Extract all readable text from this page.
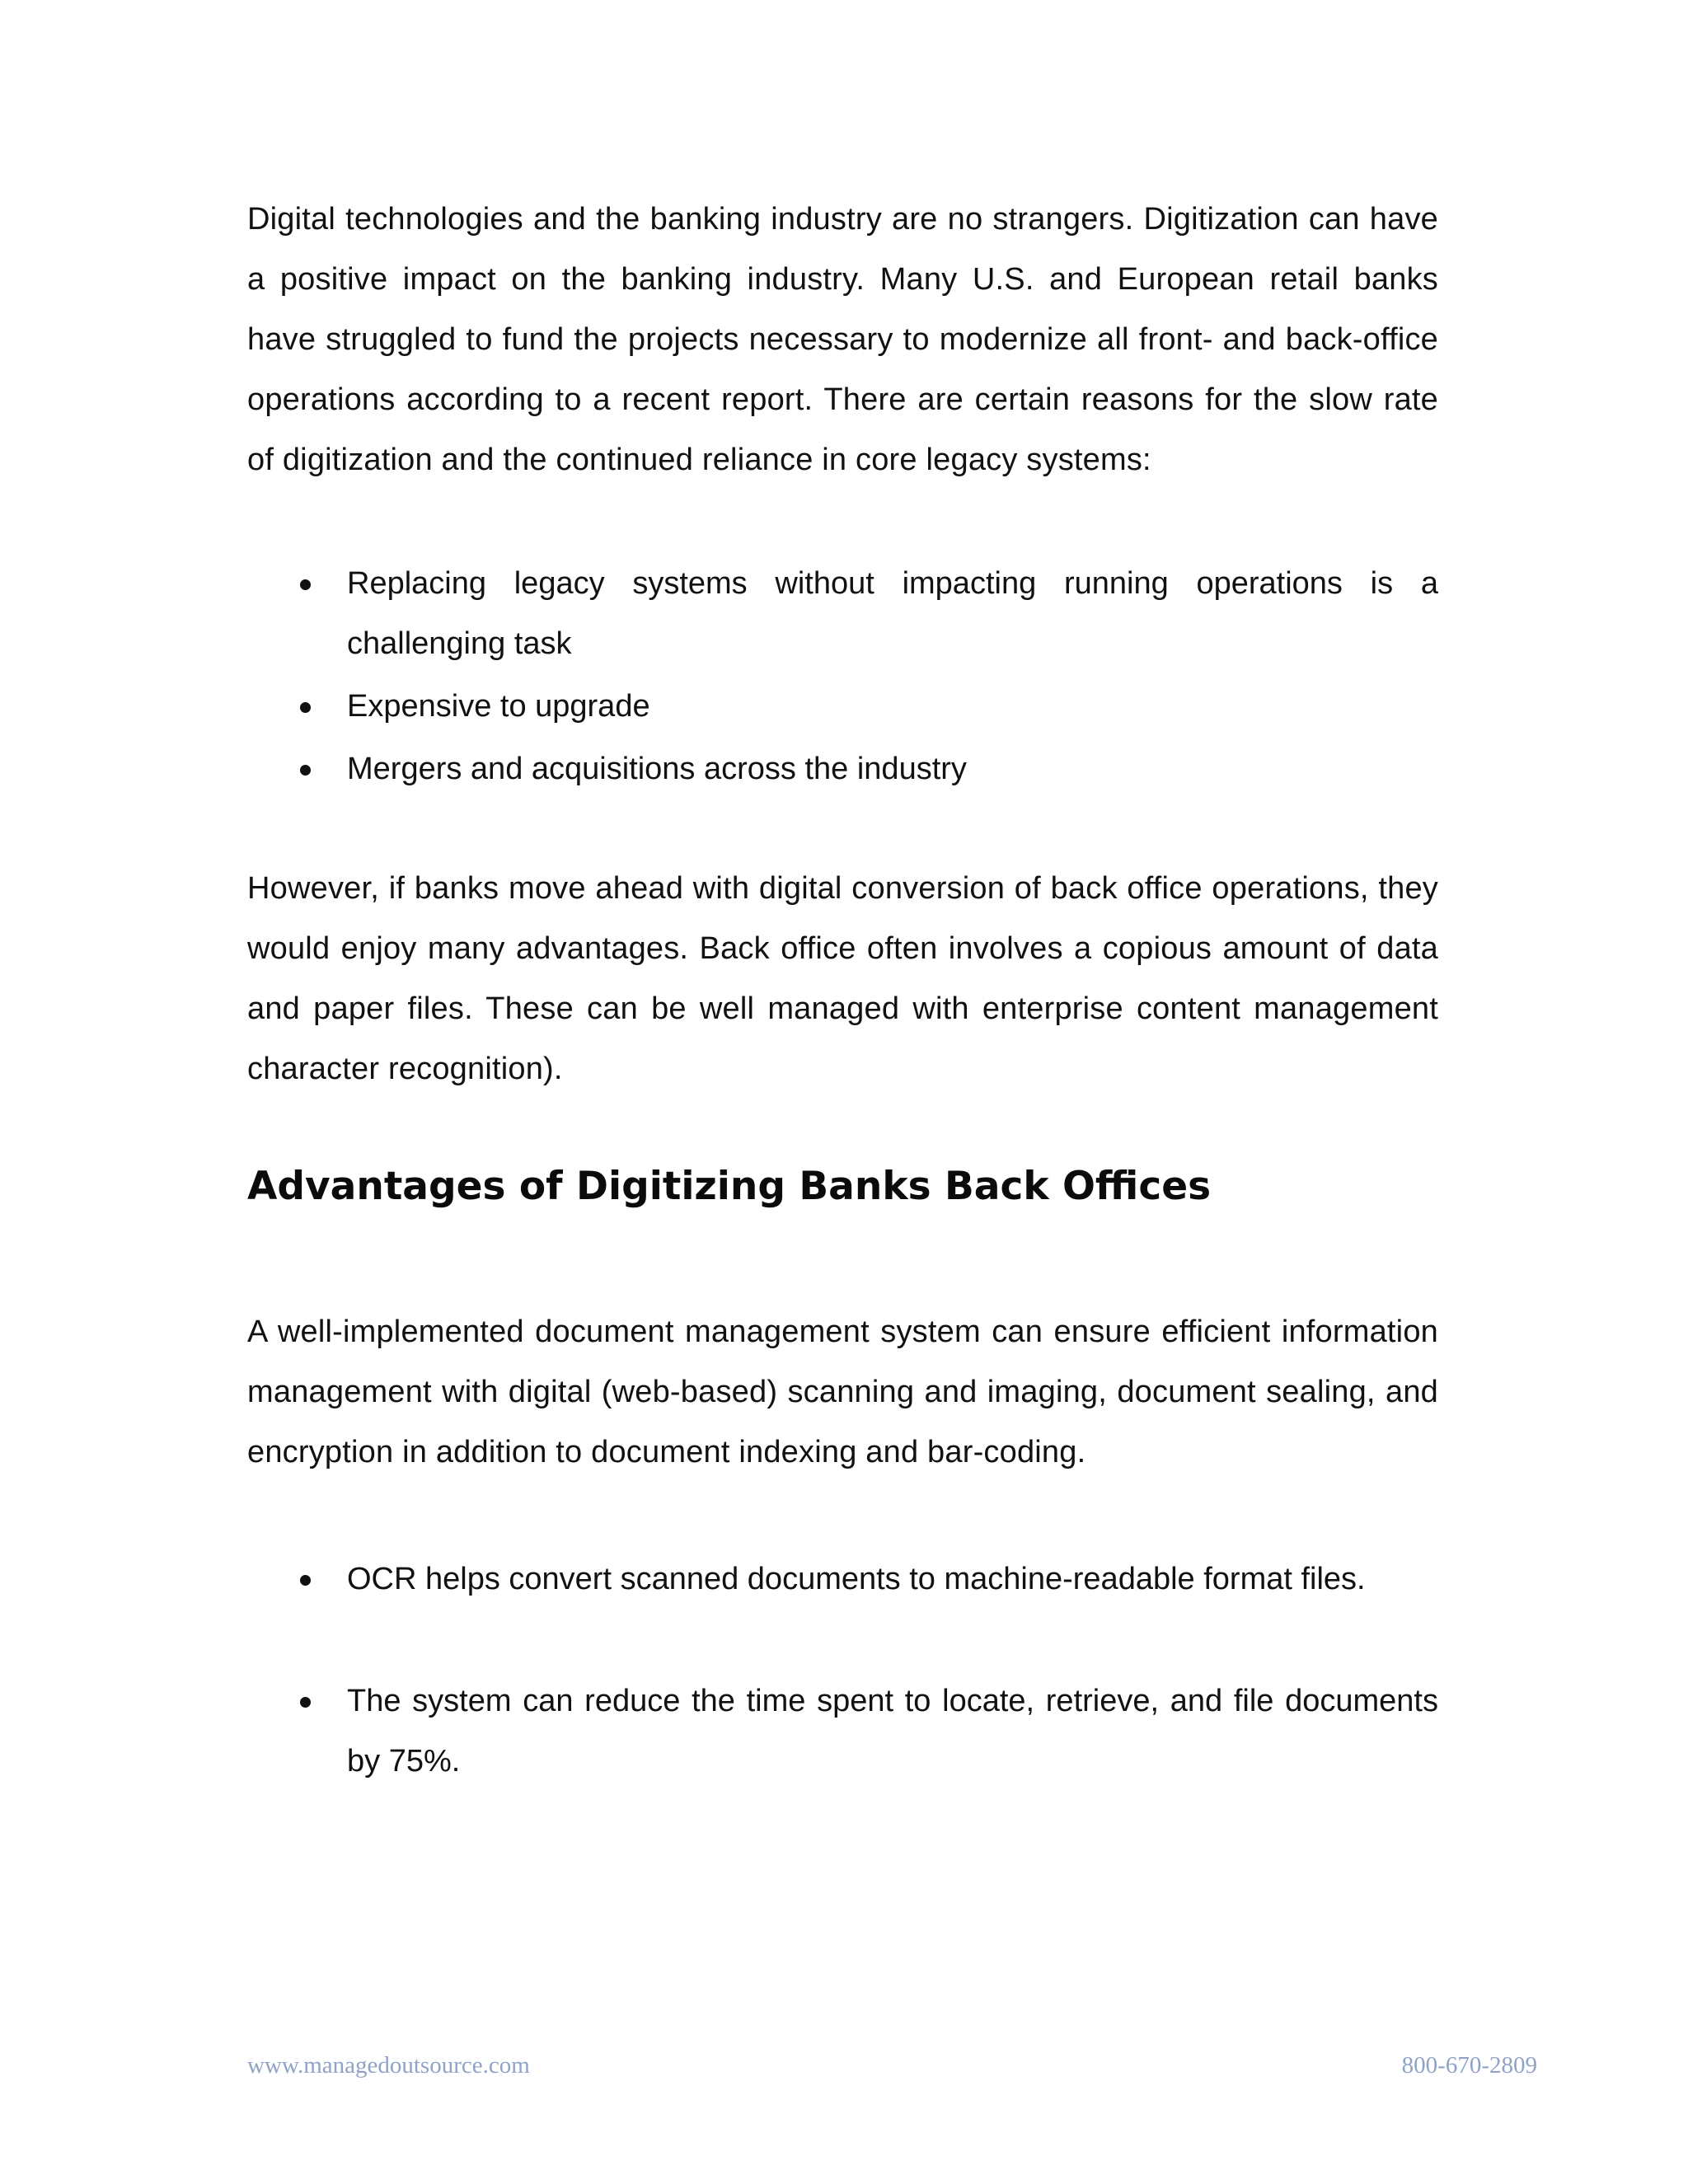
Digital technologies and the banking industry are no strangers. Digitization can have a positive impact on the banking industry. Many U.S. and European retail banks have struggled to fund the projects necessary to modernize all front- and back-office operations according to a recent report. There are certain reasons for the slow rate of digitization and the continued reliance in core legacy systems:

Replacing legacy systems without impacting running operations is a challenging task
Expensive to upgrade
Mergers and acquisitions across the industry

However, if banks move ahead with digital conversion of back office operations, they would enjoy many advantages. Back office often involves a copious amount of data and paper files. These can be well managed with enterprise content management character recognition).

Advantages of Digitizing Banks Back Offices

A well-implemented document management system can ensure efficient information management with digital (web-based) scanning and imaging, document sealing, and encryption in addition to document indexing and bar-coding.

OCR helps convert scanned documents to machine-readable format files.
The system can reduce the time spent to locate, retrieve, and file documents by 75%.
www.managedoutsource.com	800-670-2809
